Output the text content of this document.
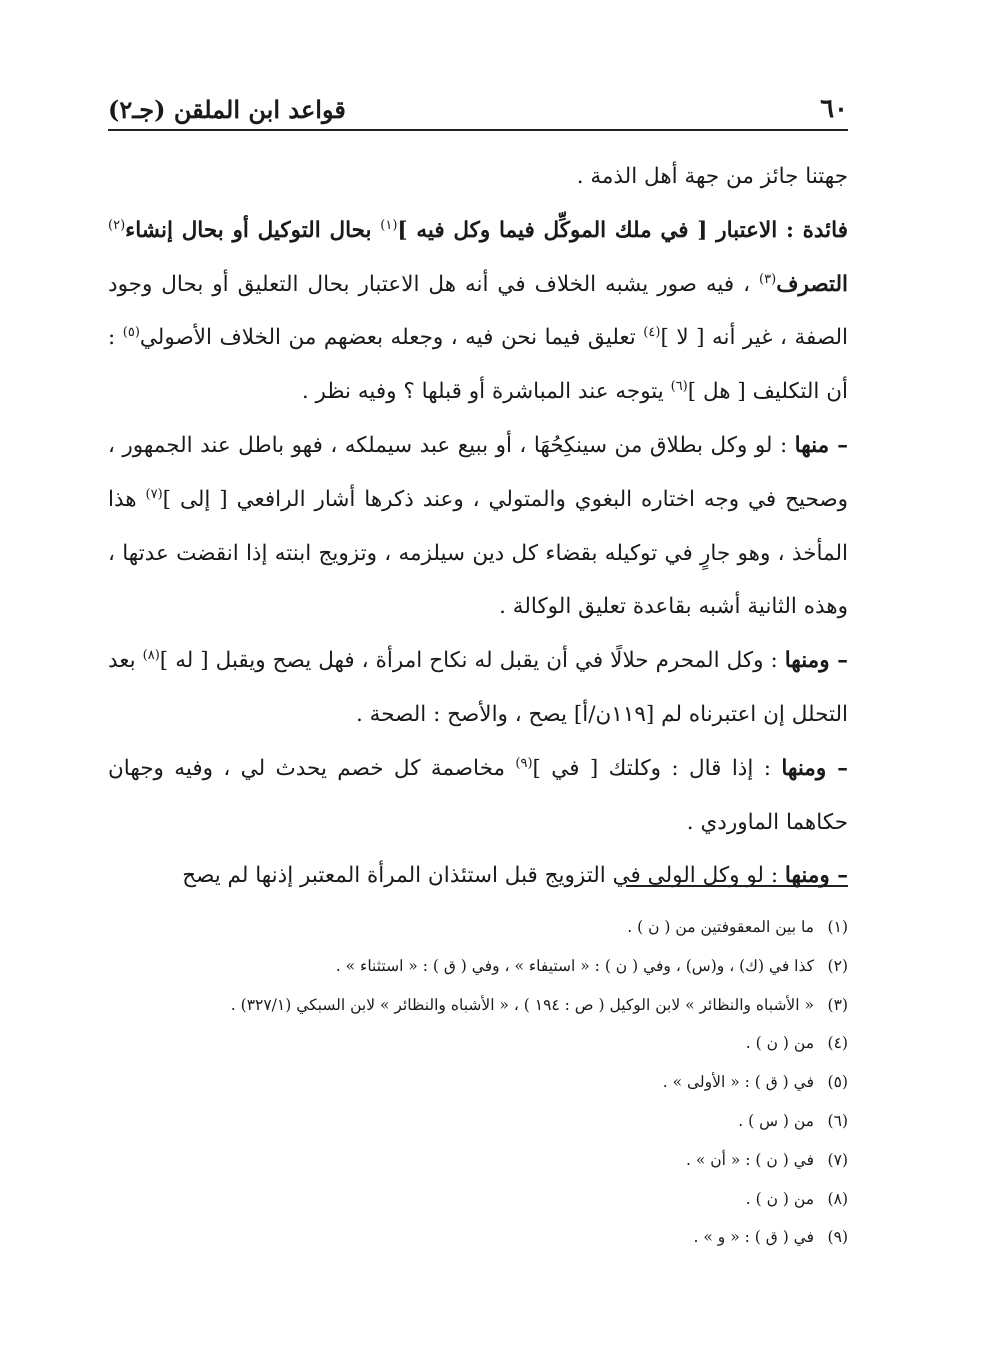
٦٠
قواعد ابن الملقن (جـ٢)

جهتنا جائز من جهة أهل الذمة .

فائدة : الاعتبار [ في ملك الموكِّل فيما وكل فيه ]$^{(١)}$ بحال التوكيل أو بحال إنشاء$^{(٢)}$ التصرف$^{(٣)}$ ، فيه صور يشبه الخلاف في أنه هل الاعتبار بحال التعليق أو بحال وجود الصفة ، غير أنه [ لا ]$^{(٤)}$ تعليق فيما نحن فيه ، وجعله بعضهم من الخلاف الأصولي$^{(٥)}$ : أن التكليف [ هل ]$^{(٦)}$ يتوجه عند المباشرة أو قبلها ؟ وفيه نظر .

– منها : لو وكل بطلاق من سينكِحُهَا ، أو ببيع عبد سيملكه ، فهو باطل عند الجمهور ، وصحيح في وجه اختاره البغوي والمتولي ، وعند ذكرها أشار الرافعي [ إلى ]$^{(٧)}$ هذا المأخذ ، وهو جارٍ في توكيله بقضاء كل دين سيلزمه ، وتزويج ابنته إذا انقضت عدتها ، وهذه الثانية أشبه بقاعدة تعليق الوكالة .

– ومنها : وكل المحرم حلالًا في أن يقبل له نكاح امرأة ، فهل يصح ويقبل [ له ]$^{(٨)}$ بعد التحلل إن اعتبرناه لم [١١٩ن/أ] يصح ، والأصح : الصحة .

– ومنها : إذا قال : وكلتك [ في ]$^{(٩)}$ مخاصمة كل خصم يحدث لي ، وفيه وجهان حكاهما الماوردي .

– ومنها : لو وكل الولي في التزويج قبل استئذان المرأة المعتبر إذنها لم يصح

(١)ما بين المعقوفتين من ( ن ) .
(٢)كذا في (ك) ، و(س) ، وفي ( ن ) : « استيفاء » ، وفي ( ق ) : « استثناء » .
(٣)« الأشباه والنظائر » لابن الوكيل ( ص : ١٩٤ ) ، « الأشباه والنظائر » لابن السبكي (٣٢٧/١) .
(٤)من ( ن ) .
(٥)في ( ق ) : « الأولى » .
(٦)من ( س ) .
(٧)في ( ن ) : « أن » .
(٨)من ( ن ) .
(٩)في ( ق ) : « و » .
